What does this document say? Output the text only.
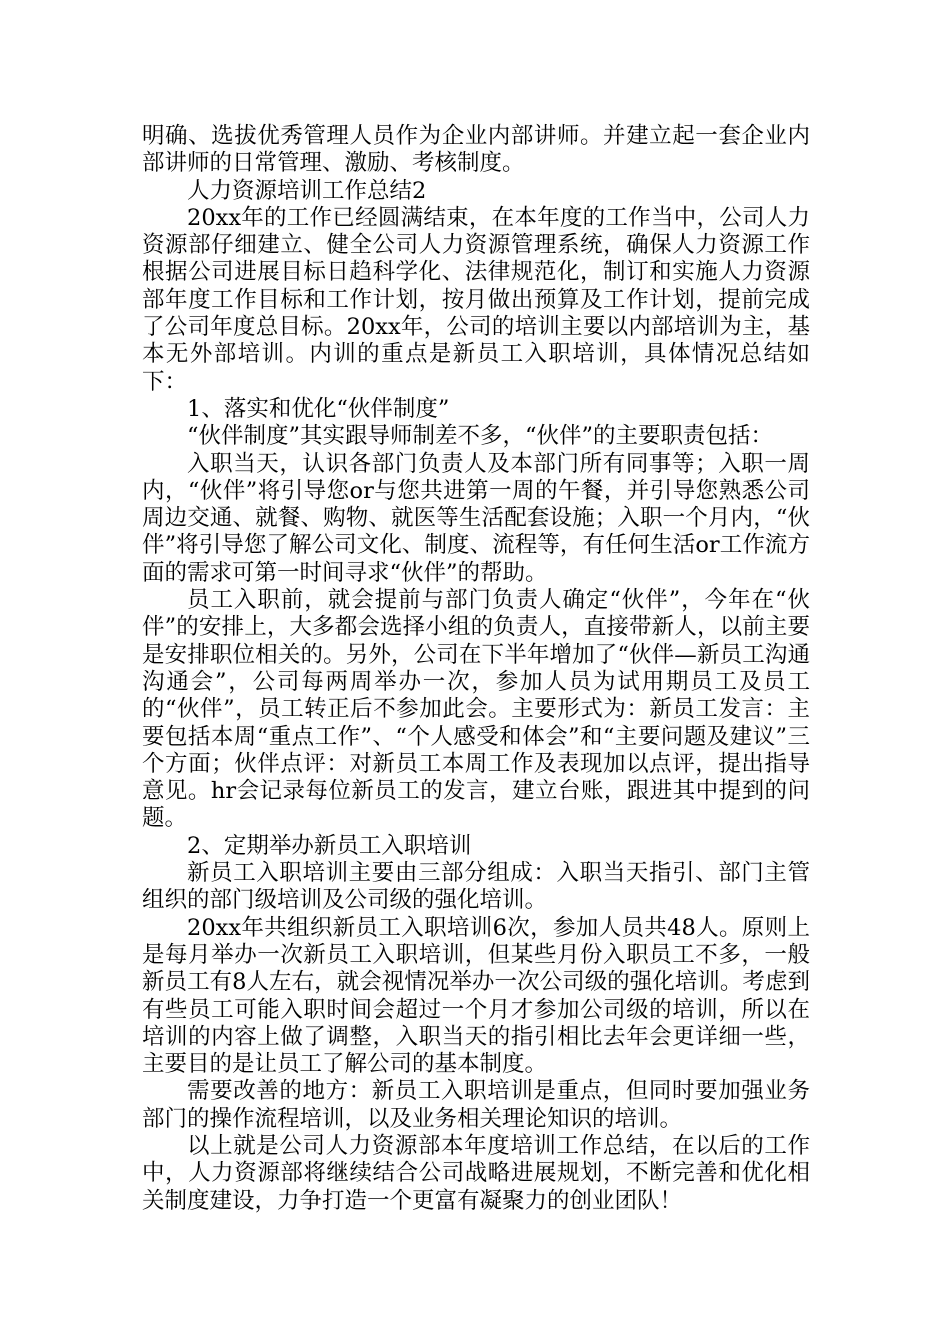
明确、选拔优秀管理人员作为企业内部讲师。并建立起一套企业内部讲师的日常管理、激励、考核制度。

人力资源培训工作总结2

20xx年的工作已经圆满结束，在本年度的工作当中，公司人力资源部仔细建立、健全公司人力资源管理系统，确保人力资源工作根据公司进展目标日趋科学化、法律规范化，制订和实施人力资源部年度工作目标和工作计划，按月做出预算及工作计划，提前完成了公司年度总目标。20xx年，公司的培训主要以内部培训为主，基本无外部培训。内训的重点是新员工入职培训，具体情况总结如下：

1、落实和优化“伙伴制度”

“伙伴制度”其实跟导师制差不多，“伙伴”的主要职责包括：

入职当天，认识各部门负责人及本部门所有同事等；入职一周内，“伙伴”将引导您or与您共进第一周的午餐，并引导您熟悉公司周边交通、就餐、购物、就医等生活配套设施；入职一个月内，“伙伴”将引导您了解公司文化、制度、流程等，有任何生活or工作流方面的需求可第一时间寻求“伙伴”的帮助。

员工入职前，就会提前与部门负责人确定“伙伴”，今年在“伙伴”的安排上，大多都会选择小组的负责人，直接带新人，以前主要是安排职位相关的。另外，公司在下半年增加了“伙伴—新员工沟通沟通会”，公司每两周举办一次，参加人员为试用期员工及员工的“伙伴”，员工转正后不参加此会。主要形式为：新员工发言：主要包括本周“重点工作”、“个人感受和体会”和“主要问题及建议”三个方面；伙伴点评：对新员工本周工作及表现加以点评，提出指导意见。hr会记录每位新员工的发言，建立台账，跟进其中提到的问题。

2、定期举办新员工入职培训

新员工入职培训主要由三部分组成：入职当天指引、部门主管组织的部门级培训及公司级的强化培训。

20xx年共组织新员工入职培训6次，参加人员共48人。原则上是每月举办一次新员工入职培训，但某些月份入职员工不多，一般新员工有8人左右，就会视情况举办一次公司级的强化培训。考虑到有些员工可能入职时间会超过一个月才参加公司级的培训，所以在培训的内容上做了调整，入职当天的指引相比去年会更详细一些，主要目的是让员工了解公司的基本制度。

需要改善的地方：新员工入职培训是重点，但同时要加强业务部门的操作流程培训，以及业务相关理论知识的培训。

以上就是公司人力资源部本年度培训工作总结，在以后的工作中，人力资源部将继续结合公司战略进展规划，不断完善和优化相关制度建设，力争打造一个更富有凝聚力的创业团队！
